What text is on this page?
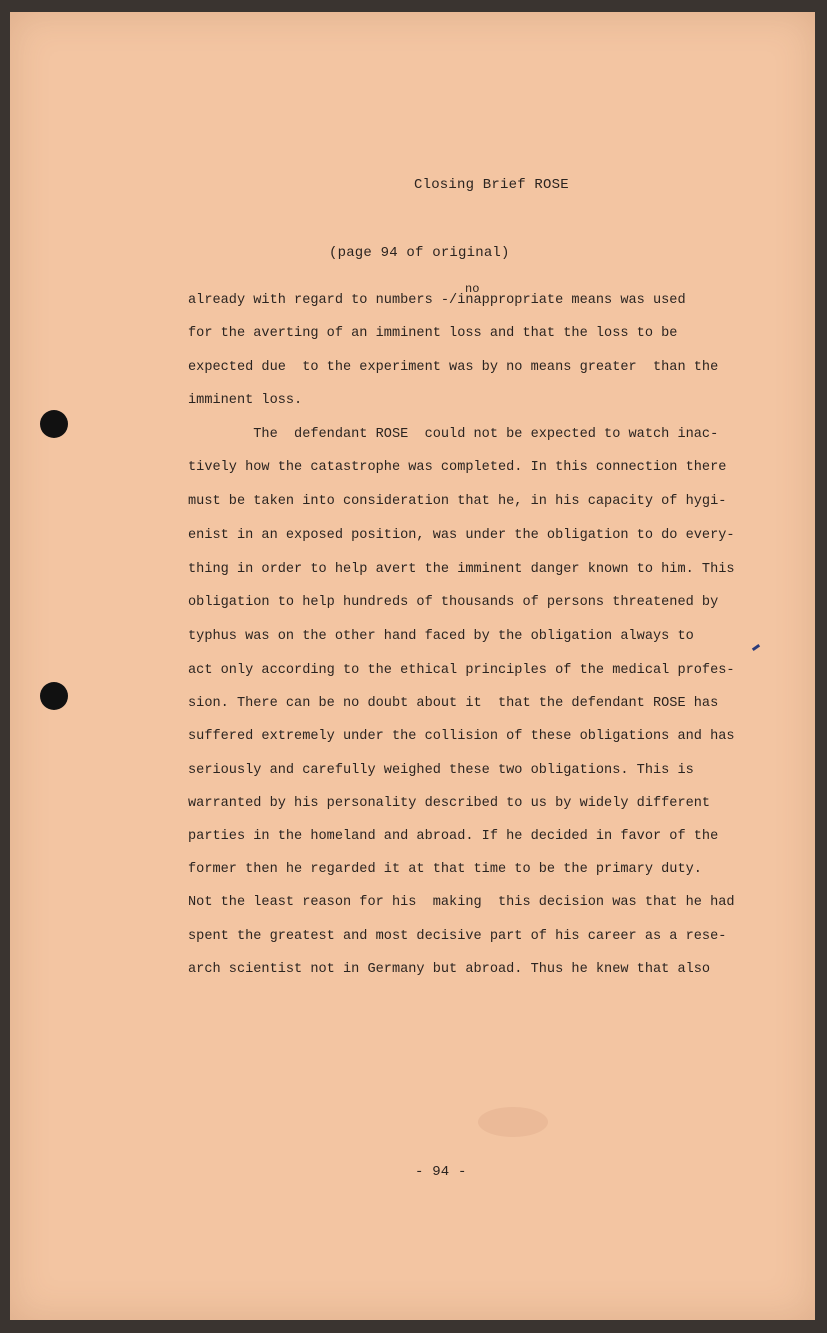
Closing Brief ROSE
(page 94 of original)
no
already with regard to numbers -/inappropriate means was used
for the averting of an imminent loss and that the loss to be
expected due  to the experiment was by no means greater  than the
imminent loss.
The  defendant ROSE  could not be expected to watch inac-
tively how the catastrophe was completed. In this connection there
must be taken into consideration that he, in his capacity of hygi-
enist in an exposed position, was under the obligation to do every-
thing in order to help avert the imminent danger known to him. This
obligation to help hundreds of thousands of persons threatened by
typhus was on the other hand faced by the obligation always to
act only according to the ethical principles of the medical profes-
sion. There can be no doubt about it  that the defendant ROSE has
suffered extremely under the collision of these obligations and has
seriously and carefully weighed these two obligations. This is
warranted by his personality described to us by widely different
parties in the homeland and abroad. If he decided in favor of the
former then he regarded it at that time to be the primary duty.
Not the least reason for his  making  this decision was that he had
spent the greatest and most decisive part of his career as a rese-
arch scientist not in Germany but abroad. Thus he knew that also
- 94 -
